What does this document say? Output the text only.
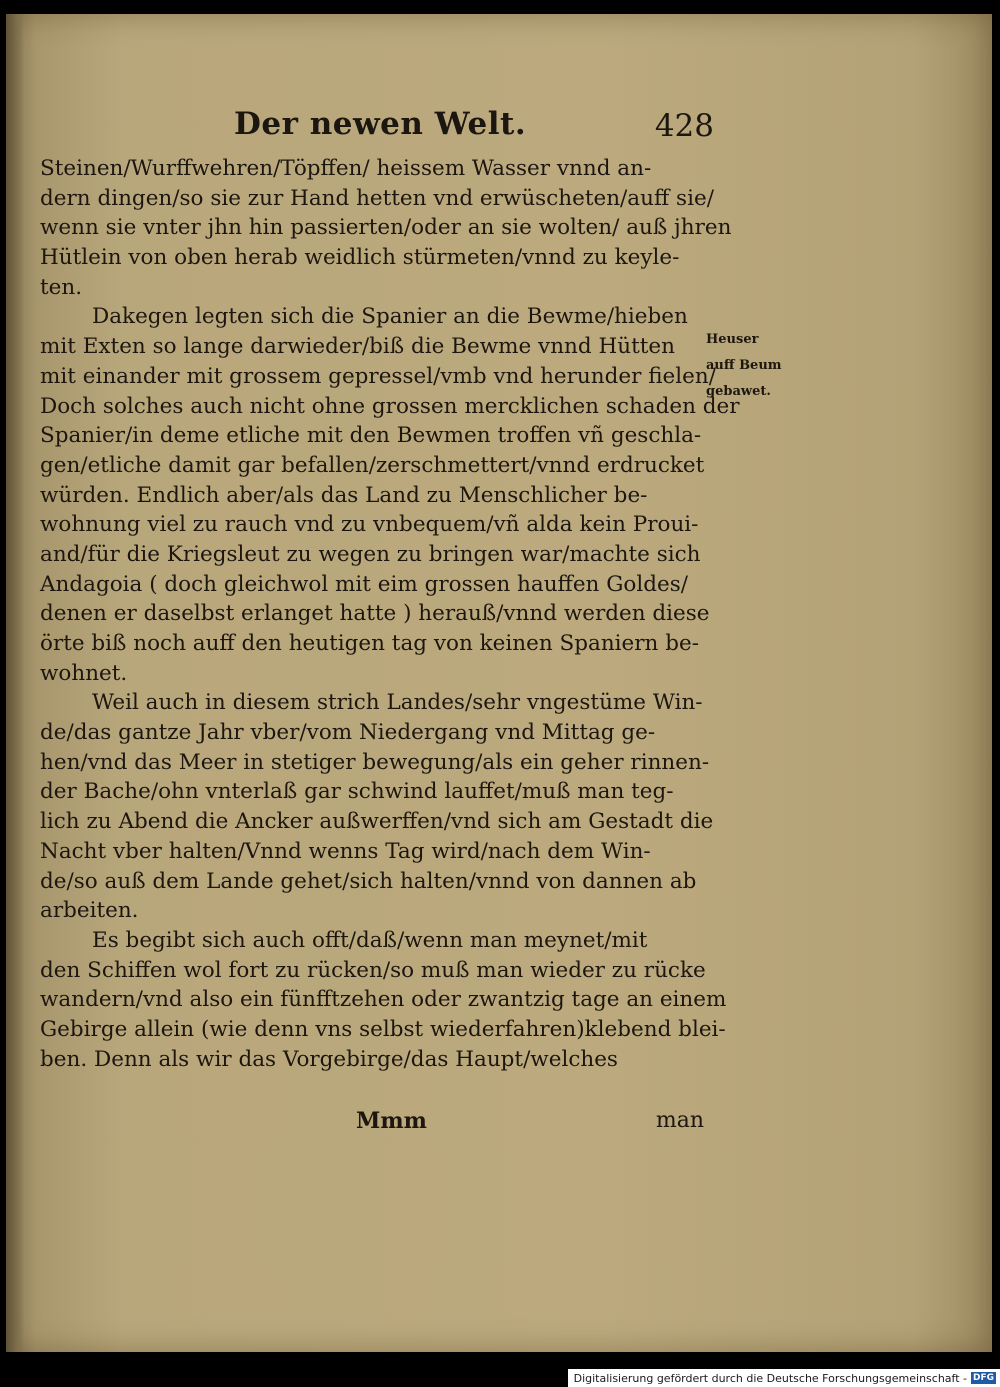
Der newen Welt.	428
Steinen/Wurffwehren/Töpffen/ heissem Wasser vnnd an-
dern dingen/so sie zur Hand hetten vnd erwüscheten/auff sie/
wenn sie vnter jhn hin passierten/oder an sie wolten/ auß jhren
Hütlein von oben herab weidlich stürmeten/vnnd zu keyle-
ten.
Dakegen legten sich die Spanier an die Bewme/hieben
mit Exten so lange darwieder/biß die Bewme vnnd Hütten
mit einander mit grossem gepressel/vmb vnd herunder fielen/
Doch solches auch nicht ohne grossen mercklichen schaden der
Spanier/in deme etliche mit den Bewmen troffen vñ geschla-
gen/etliche damit gar befallen/zerschmettert/vnnd erdrucket
würden. Endlich aber/als das Land zu Menschlicher be-
wohnung viel zu rauch vnd zu vnbequem/vñ alda kein Proui-
and/für die Kriegsleut zu wegen zu bringen war/machte sich
Andagoia ( doch gleichwol mit eim grossen hauffen Goldes/
denen er daselbst erlanget hatte ) herauß/vnnd werden diese
örte biß noch auff den heutigen tag von keinen Spaniern be-
wohnet.
Weil auch in diesem strich Landes/sehr vngestüme Win-
de/das gantze Jahr vber/vom Niedergang vnd Mittag ge-
hen/vnd das Meer in stetiger bewegung/als ein geher rinnen-
der Bache/ohn vnterlaß gar schwind lauffet/muß man teg-
lich zu Abend die Ancker außwerffen/vnd sich am Gestadt die
Nacht vber halten/Vnnd wenns Tag wird/nach dem Win-
de/so auß dem Lande gehet/sich halten/vnnd von dannen ab
arbeiten.
Es begibt sich auch offt/daß/wenn man meynet/mit
den Schiffen wol fort zu rücken/so muß man wieder zu rücke
wandern/vnd also ein fünfftzehen oder zwantzig tage an einem
Gebirge allein (wie denn vns selbst wiederfahren)klebend blei-
ben. Denn als wir das Vorgebirge/das Haupt/welches
Heuser
auff Beum
gebawet.
Mmm	man
Digitalisierung gefördert durch die Deutsche Forschungsgemeinschaft - DFG
